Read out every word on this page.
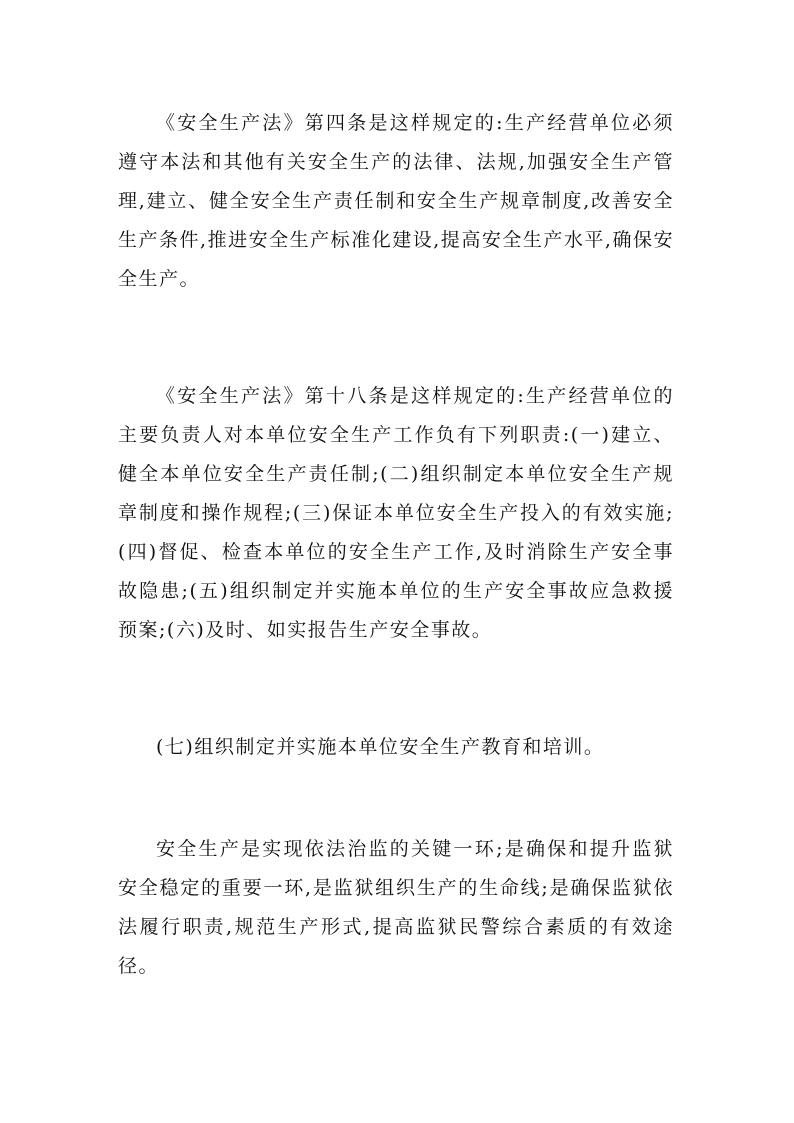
《安全生产法》第四条是这样规定的:生产经营单位必须遵守本法和其他有关安全生产的法律、法规,加强安全生产管理,建立、健全安全生产责任制和安全生产规章制度,改善安全生产条件,推进安全生产标准化建设,提高安全生产水平,确保安全生产。

《安全生产法》第十八条是这样规定的:生产经营单位的主要负责人对本单位安全生产工作负有下列职责:(一)建立、健全本单位安全生产责任制;(二)组织制定本单位安全生产规章制度和操作规程;(三)保证本单位安全生产投入的有效实施;(四)督促、检查本单位的安全生产工作,及时消除生产安全事故隐患;(五)组织制定并实施本单位的生产安全事故应急救援预案;(六)及时、如实报告生产安全事故。

(七)组织制定并实施本单位安全生产教育和培训。

安全生产是实现依法治监的关键一环;是确保和提升监狱安全稳定的重要一环,是监狱组织生产的生命线;是确保监狱依法履行职责,规范生产形式,提高监狱民警综合素质的有效途径。
